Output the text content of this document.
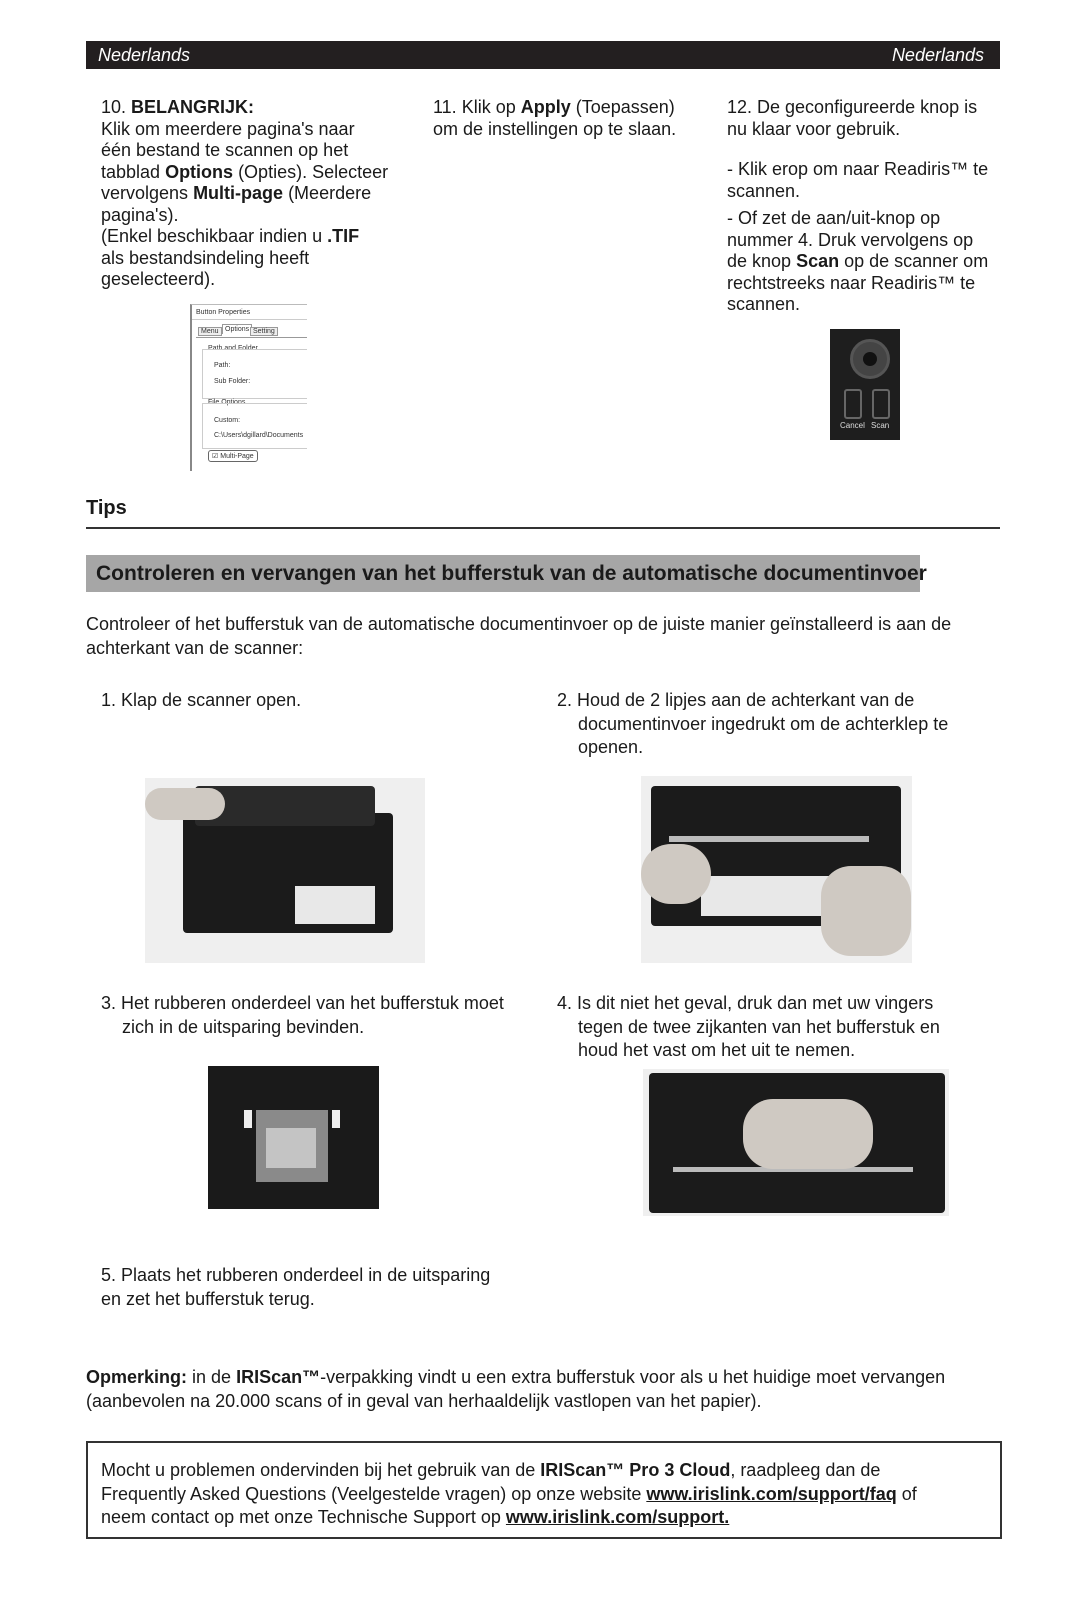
Nederlands	Nederlands
10. BELANGRIJK:
Klik om meerdere pagina's naar
één bestand te scannen op het
tabblad Options (Opties). Selecteer
vervolgens Multi-page (Meerdere
pagina's).
(Enkel beschikbaar indien u .TIF
als bestandsindeling heeft
geselecteerd).
Button Properties
Menu Options Setting
Path and Folder
Path:
Sub Folder:
File Options
Custom:
C:\Users\dgillard\Documents
☑ Multi-Page
11. Klik op Apply (Toepassen)
om de instellingen op te slaan.
12. De geconfigureerde knop is
nu klaar voor gebruik.
- Klik erop om naar Readiris™ te
scannen.
- Of zet de aan/uit-knop op
nummer 4. Druk vervolgens op
de knop Scan op de scanner om
rechtstreeks naar Readiris™ te
scannen.
Cancel Scan
Tips
Controleren en vervangen van het bufferstuk van de automatische documentinvoer
Controleer of het bufferstuk van de automatische documentinvoer op de juiste manier geïnstalleerd is aan de
achterkant van de scanner:
1. Klap de scanner open.	2. Houd de 2 lipjes aan de achterkant van de
documentinvoer ingedrukt om de achterklep te
openen.
3. Het rubberen onderdeel van het bufferstuk moet
zich in de uitsparing bevinden.
4. Is dit niet het geval, druk dan met uw vingers
tegen de twee zijkanten van het bufferstuk en
houd het vast om het uit te nemen.
5. Plaats het rubberen onderdeel in de uitsparing
en zet het bufferstuk terug.
Opmerking: in de IRIScan™-verpakking vindt u een extra bufferstuk voor als u het huidige moet vervangen
(aanbevolen na 20.000 scans of in geval van herhaaldelijk vastlopen van het papier).
Mocht u problemen ondervinden bij het gebruik van de IRIScan™ Pro 3 Cloud, raadpleeg dan de
Frequently Asked Questions (Veelgestelde vragen) op onze website www.irislink.com/support/faq of
neem contact op met onze Technische Support op www.irislink.com/support.
